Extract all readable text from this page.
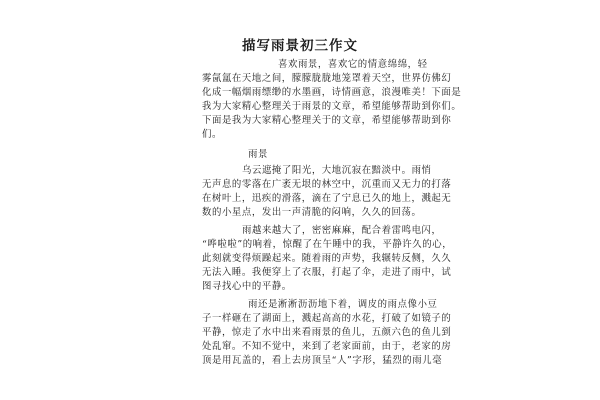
描写雨景初三作文

喜欢雨景，喜欢它的情意绵绵，轻

雾氤氲在天地之间，朦朦胧胧地笼罩着天空，世界仿佛幻

化成一幅烟雨缥缈的水墨画，诗情画意，浪漫唯美！下面是

我为大家精心整理关于雨景的文章，希望能够帮助到你们。

下面是我为大家精心整理关于的文章，希望能够帮助到你

们。

雨景

乌云遮掩了阳光，大地沉寂在黯淡中。雨悄

无声息的零落在广袤无垠的林空中，沉重而又无力的打落

在树叶上，迅疾的滑落，滴在了宁息已久的地上，溅起无

数的小星点，发出一声清脆的闷响，久久的回荡。

雨越来越大了，密密麻麻，配合着雷鸣电闪，

“哗啦啦”的响着，惊醒了在午睡中的我，平静许久的心，

此刻就变得烦躁起来。随着雨的声势，我辗转反侧，久久

无法入睡。我便穿上了衣服，打起了伞，走进了雨中，试

图寻找心中的平静。

雨还是淅淅沥沥地下着，调皮的雨点像小豆

子一样砸在了湖面上，溅起高高的水花，打破了如镜子的

平静，惊走了水中出来看雨景的鱼儿，五颜六色的鱼儿到

处乱窜。不知不觉中，来到了老家面前，由于，老家的房

顶是用瓦盖的，看上去房顶呈“人”字形，猛烈的雨儿毫
